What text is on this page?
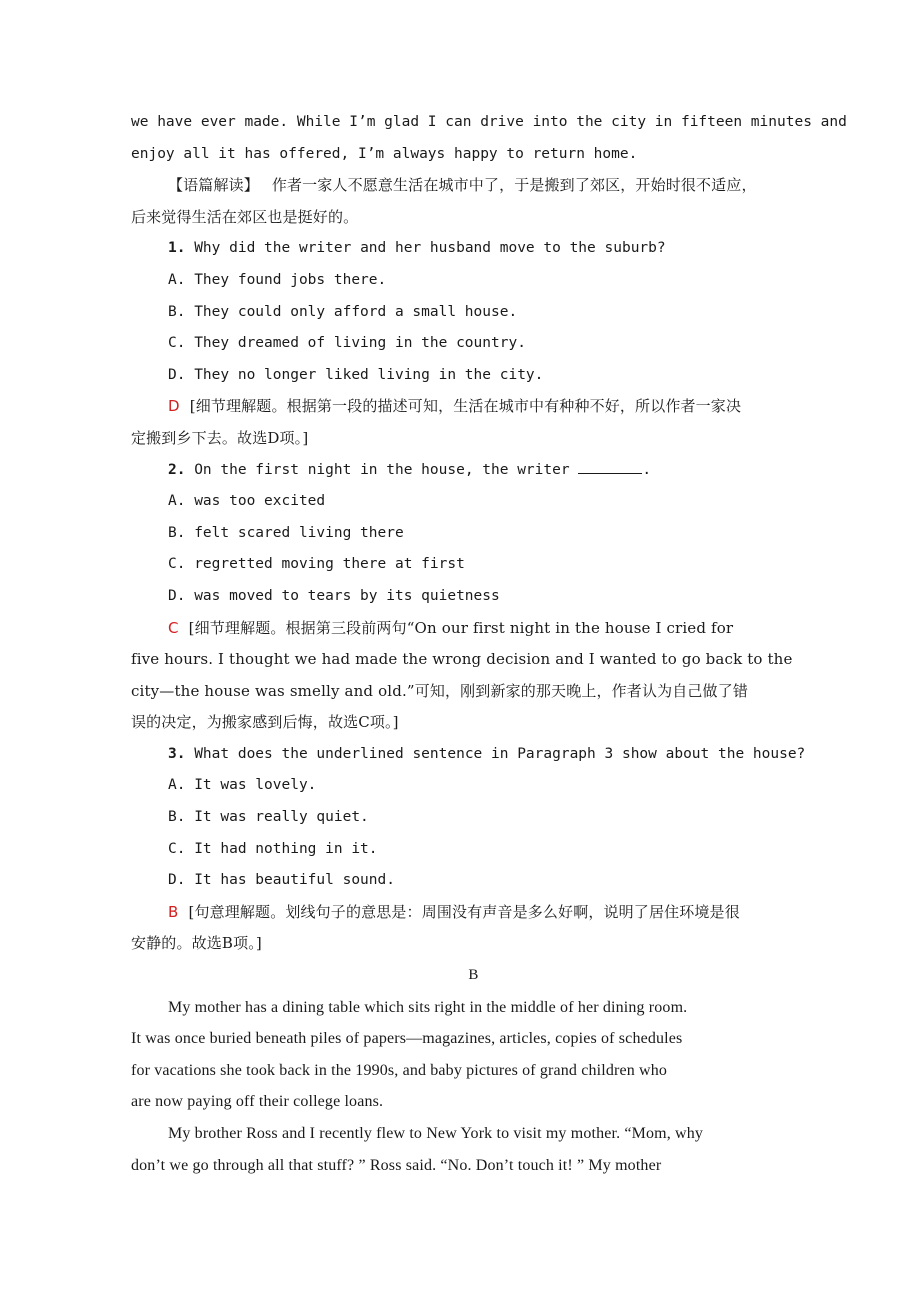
we have ever made. While I’m glad I can drive into the city in fifteen minutes and
enjoy all it has offered, I’m always happy to return home.
【语篇解读】 作者一家人不愿意生活在城市中了，于是搬到了郊区，开始时很不适应，
后来觉得生活在郊区也是挺好的。
1. Why did the writer and her husband move to the suburb?
A. They found jobs there.
B. They could only afford a small house.
C. They dreamed of living in the country.
D. They no longer liked living in the city.
D [细节理解题。根据第一段的描述可知，生活在城市中有种种不好，所以作者一家决
定搬到乡下去。故选D项。]
2. On the first night in the house, the writer	.
A. was too excited
B. felt scared living there
C. regretted moving there at first
D. was moved to tears by its quietness
C [细节理解题。根据第三段前两句“On our first night in the house I cried for
five hours. I thought we had made the wrong decision and I wanted to go back to the
city—the house was smelly and old.”可知，刚到新家的那天晚上，作者认为自己做了错
误的决定，为搬家感到后悔，故选C项。]
3. What does the underlined sentence in Paragraph 3 show about the house?
A. It was lovely.
B. It was really quiet.
C. It had nothing in it.
D. It has beautiful sound.
B [句意理解题。划线句子的意思是：周围没有声音是多么好啊，说明了居住环境是很
安静的。故选B项。]
B
My mother has a dining table which sits right in the middle of her dining room.
It was once buried beneath piles of papers—magazines, articles, copies of schedules
for vacations she took back in the 1990s, and baby pictures of grand children who
are now paying off their college loans.
My brother Ross and I recently flew to New York to visit my mother. “Mom, why
don’t we go through all that stuff? ” Ross said. “No. Don’t touch it! ” My mother
